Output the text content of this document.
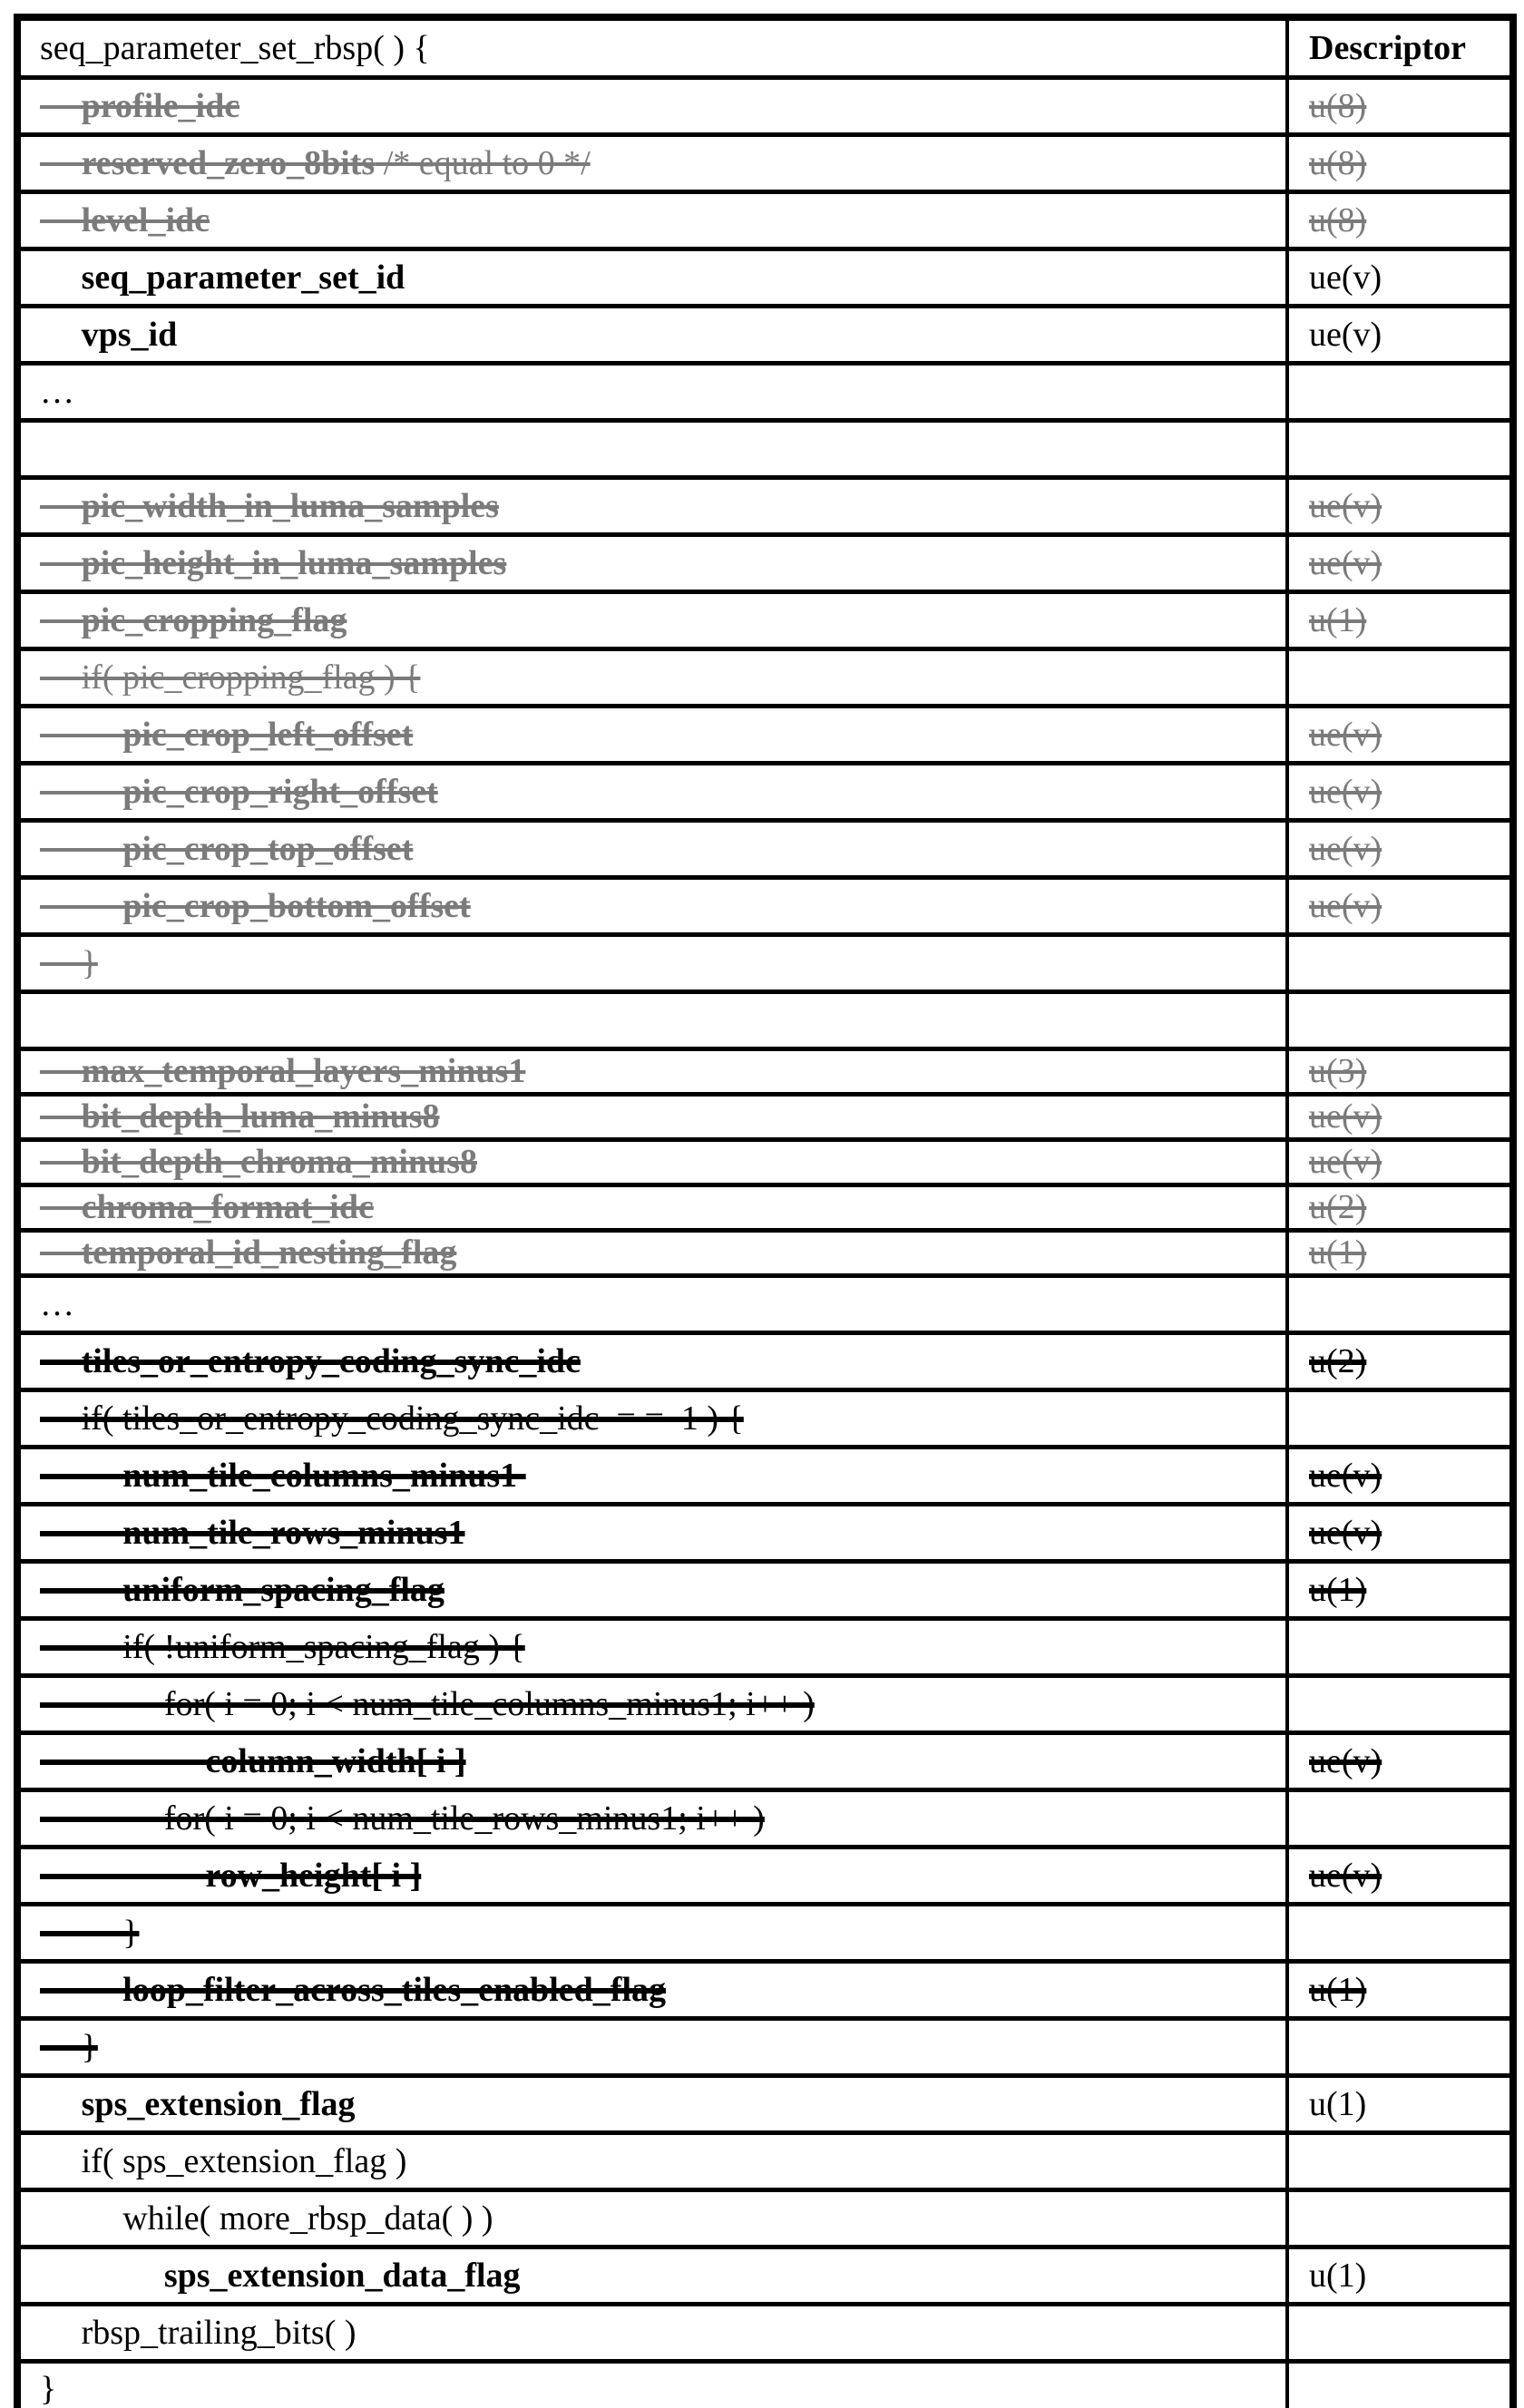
seq_parameter_set_rbsp( ) {	Descriptor
  profile_idc	u(8)
  reserved_zero_8bits /* equal to 0 */	u(8)
  level_idc	u(8)
  seq_parameter_set_id	ue(v)
  vps_id	ue(v)
…	

  pic_width_in_luma_samples	ue(v)
  pic_height_in_luma_samples	ue(v)
  pic_cropping_flag	u(1)
  if( pic_cropping_flag ) {	
    pic_crop_left_offset	ue(v)
    pic_crop_right_offset	ue(v)
    pic_crop_top_offset	ue(v)
    pic_crop_bottom_offset	ue(v)
  }	

  max_temporal_layers_minus1	u(3)
  bit_depth_luma_minus8	ue(v)
  bit_depth_chroma_minus8	ue(v)
  chroma_format_idc	u(2)
  temporal_id_nesting_flag	u(1)
…	
  tiles_or_entropy_coding_sync_idc	u(2)
  if( tiles_or_entropy_coding_sync_idc  = =  1 ) {	
    num_tile_columns_minus1	ue(v)
    num_tile_rows_minus1	ue(v)
    uniform_spacing_flag	u(1)
    if( !uniform_spacing_flag ) {	
      for( i = 0; i < num_tile_columns_minus1; i++ )	
        column_width[ i ]	ue(v)
      for( i = 0; i < num_tile_rows_minus1; i++ )	
        row_height[ i ]	ue(v)
    }	
    loop_filter_across_tiles_enabled_flag	u(1)
  }	
  sps_extension_flag	u(1)
  if( sps_extension_flag )	
    while( more_rbsp_data( ) )	
      sps_extension_data_flag	u(1)
  rbsp_trailing_bits( )	
}	
